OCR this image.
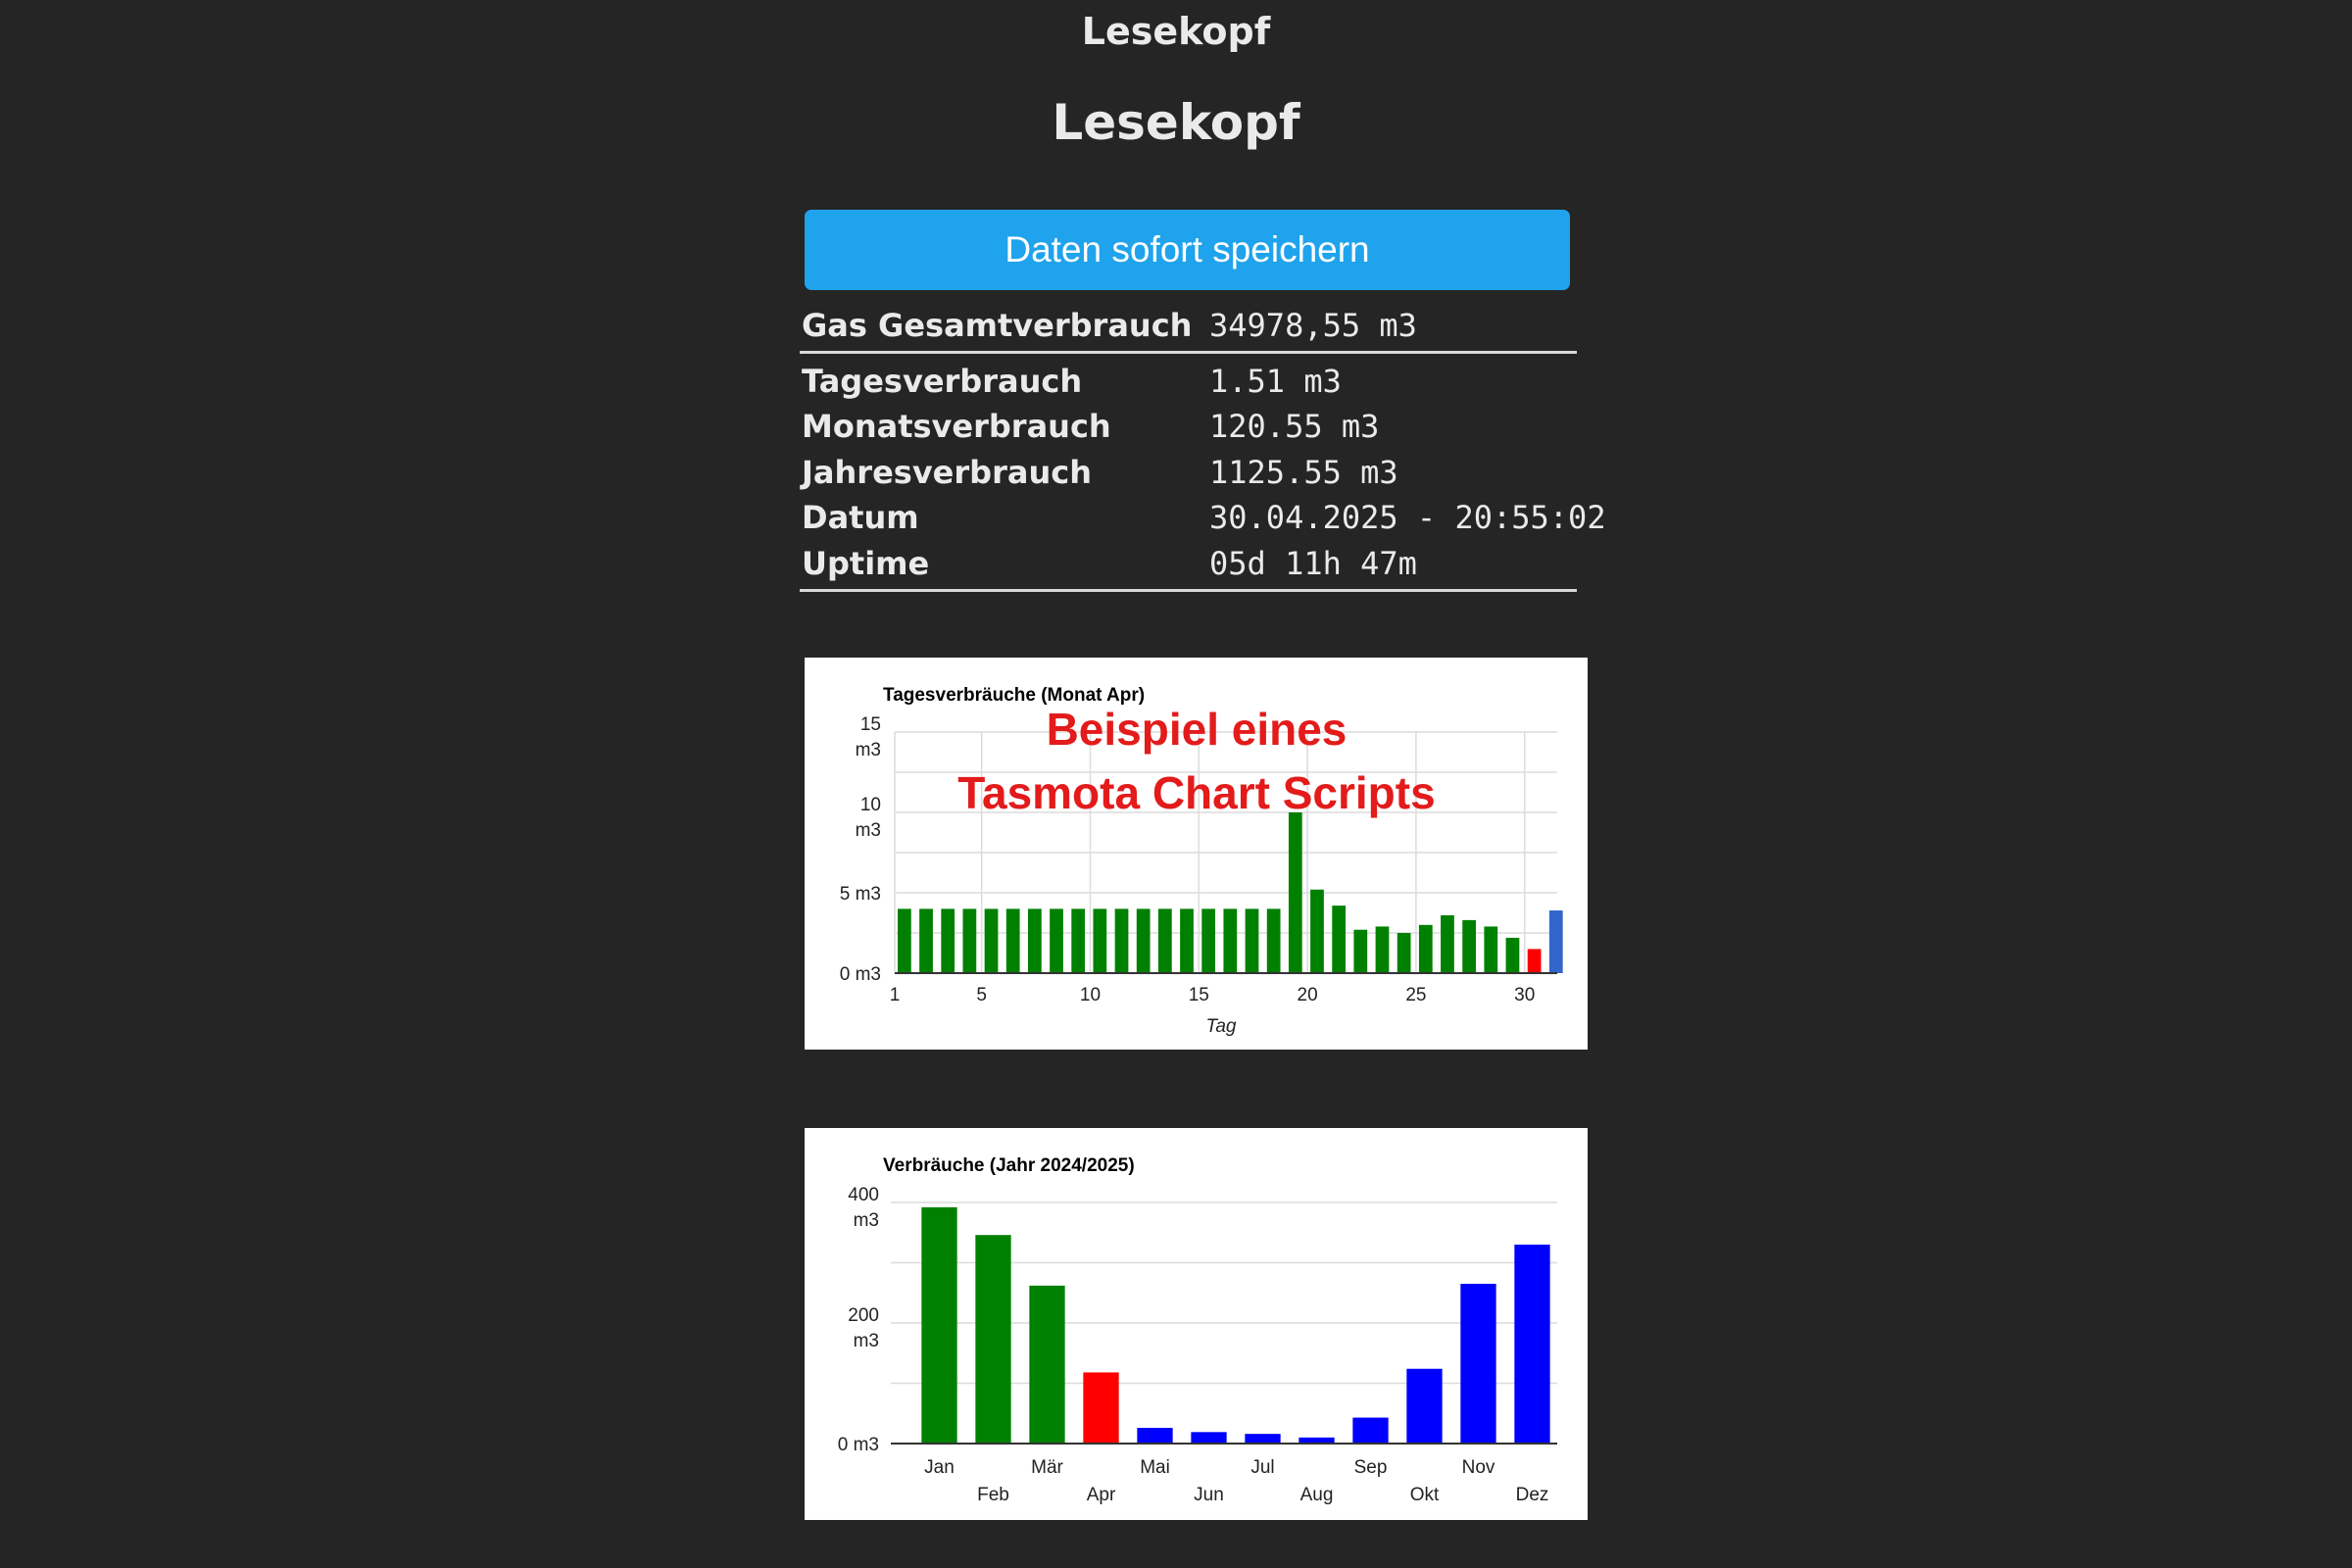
Lesekopf
Lesekopf
Daten sofort speichern
Gas Gesamtverbrauch 34978,55 m3
Tagesverbrauch	1.51 m3
Monatsverbrauch	120.55 m3
Jahresverbrauch	1125.55 m3
Datum	30.04.2025 - 20:55:02
Uptime	05d 11h 47m
Tagesverbräuche (Monat Apr)
0 m3
5 m3
10
m3
15
m3
1	5	10	15	20	25	30
Tag
Beispiel eines
Tasmota Chart Scripts
Verbräuche (Jahr 2024/2025)
0 m3
200
m3
400
m3
Jan
Feb
Mär
Apr
Mai
Jun
Jul
Aug
Sep
Okt
Nov
Dez
